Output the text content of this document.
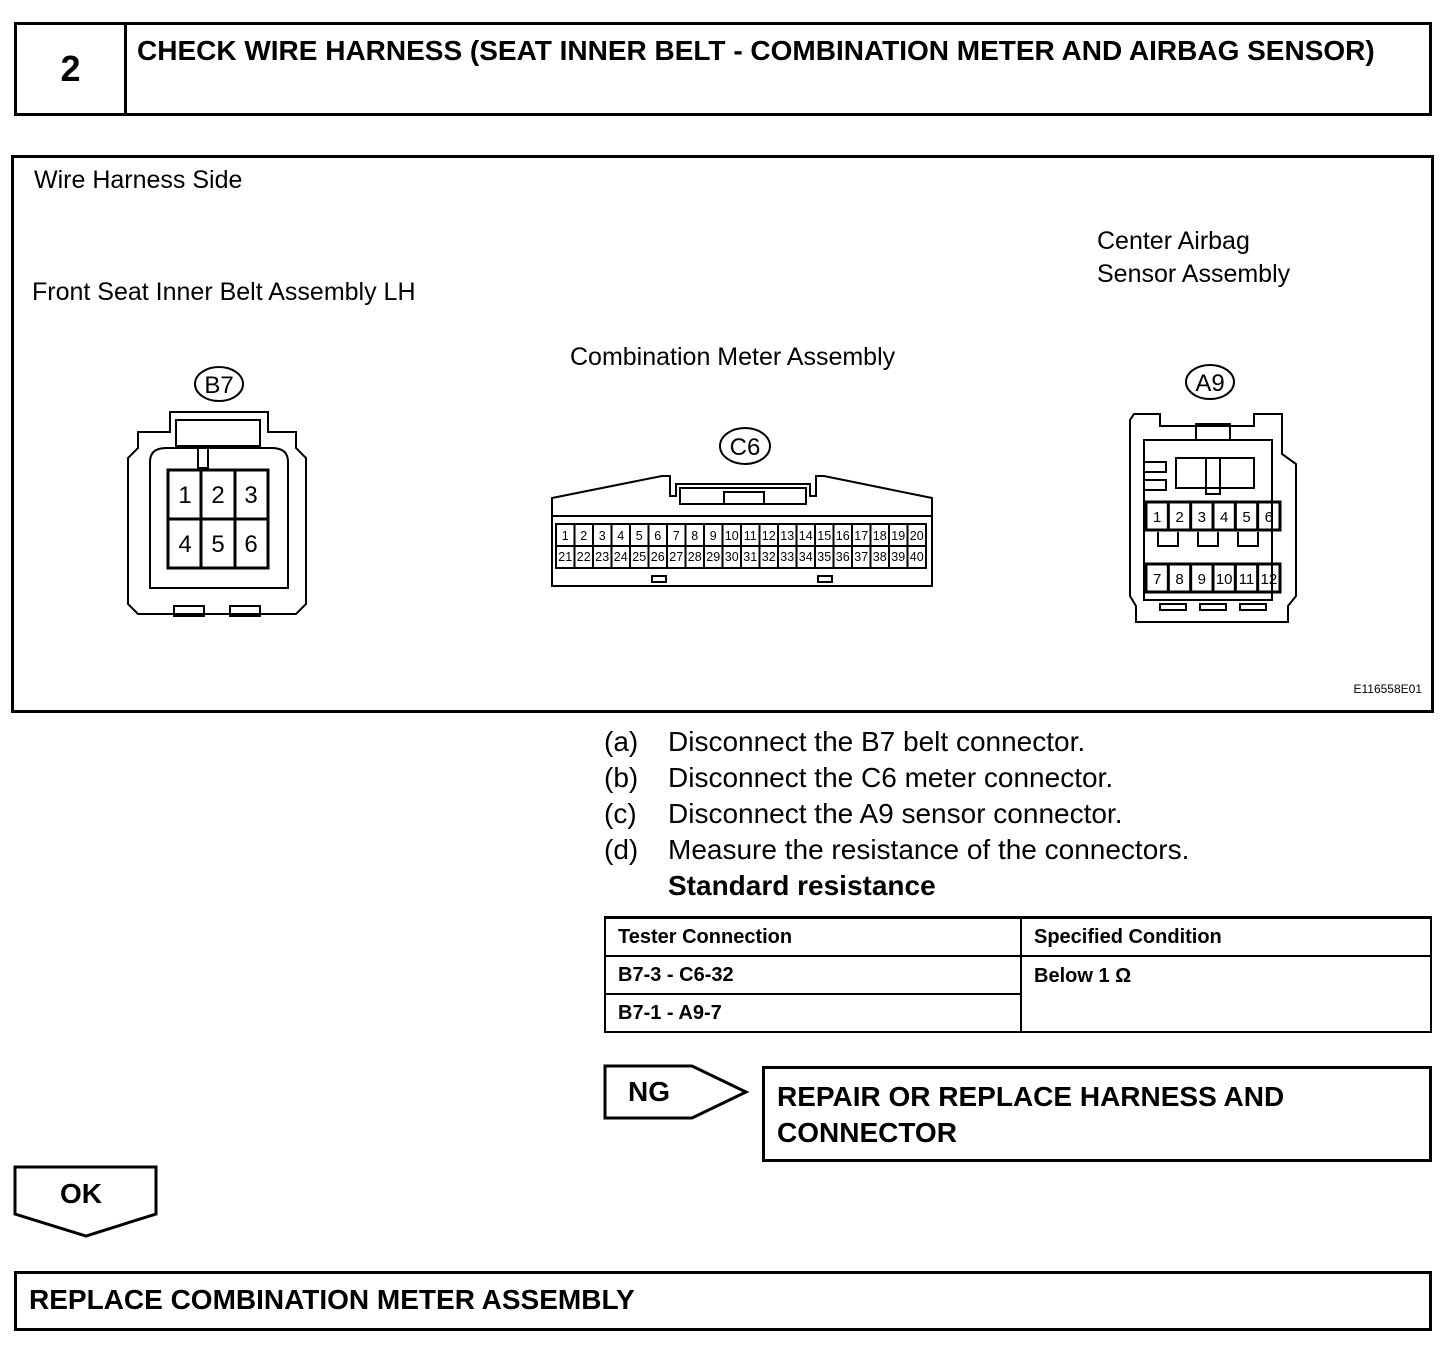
2	CHECK WIRE HARNESS (SEAT INNER BELT - COMBINATION METER AND AIRBAG SENSOR)
Wire Harness Side
Front Seat Inner Belt Assembly LH
Combination Meter Assembly
Center Airbag
Sensor Assembly
E116558E01
B7
1 2 3
4 5 6
C6
1 2 3 4 5 6 7 8 9 10 11 12 13 14 15 16 17 18 19 20
21 22 23 24 25 26 27 28 29 30 31 32 33 34 35 36 37 38 39 40
A9
1 2 3 4 5 6
7 8 9 10 11 12
(a)	Disconnect the B7 belt connector.
(b)	Disconnect the C6 meter connector.
(c)	Disconnect the A9 sensor connector.
(d)	Measure the resistance of the connectors.
Standard resistance
Tester Connection	Specified Condition
B7-3 - C6-32	Below 1 Ω
B7-1 - A9-7	
NG	REPAIR OR REPLACE HARNESS AND CONNECTOR
OK
REPLACE COMBINATION METER ASSEMBLY
